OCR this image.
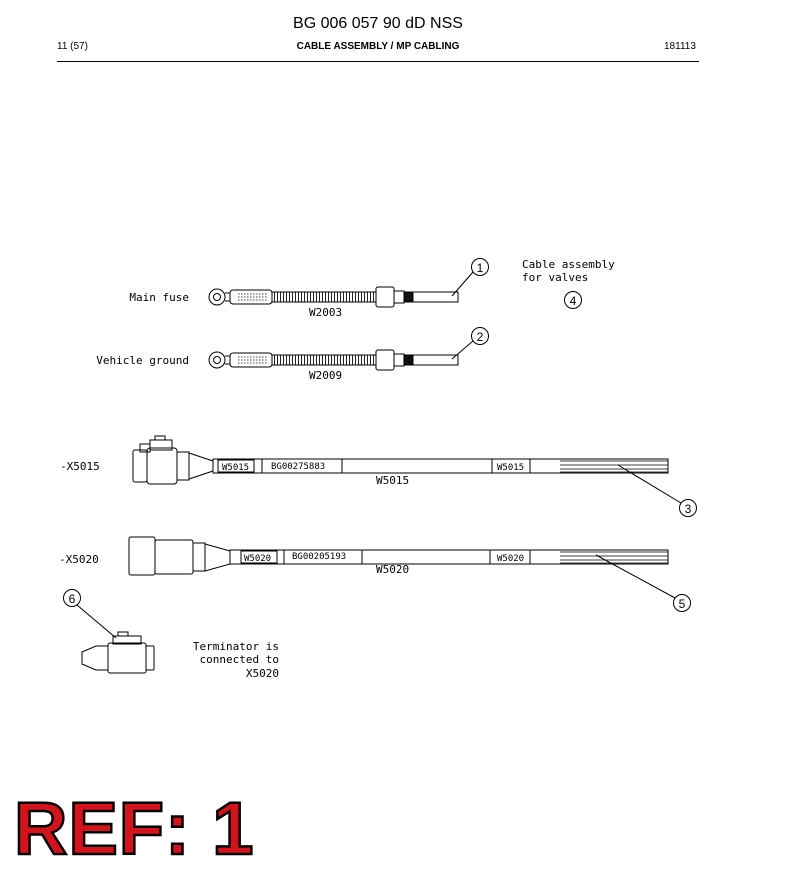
BG 006 057 90 dD NSS
11 (57)	CABLE ASSEMBLY / MP CABLING	181113
W2003
W2009
W5015 BG00275883	W5015
W5015
W5020 BG00205193	W5020
W5020
1
2
3
4
5
6
Main fuse
Vehicle ground
-X5015
-X5020
Cable assembly
for valves
Terminator is
connected to
X5020
REF: 1
